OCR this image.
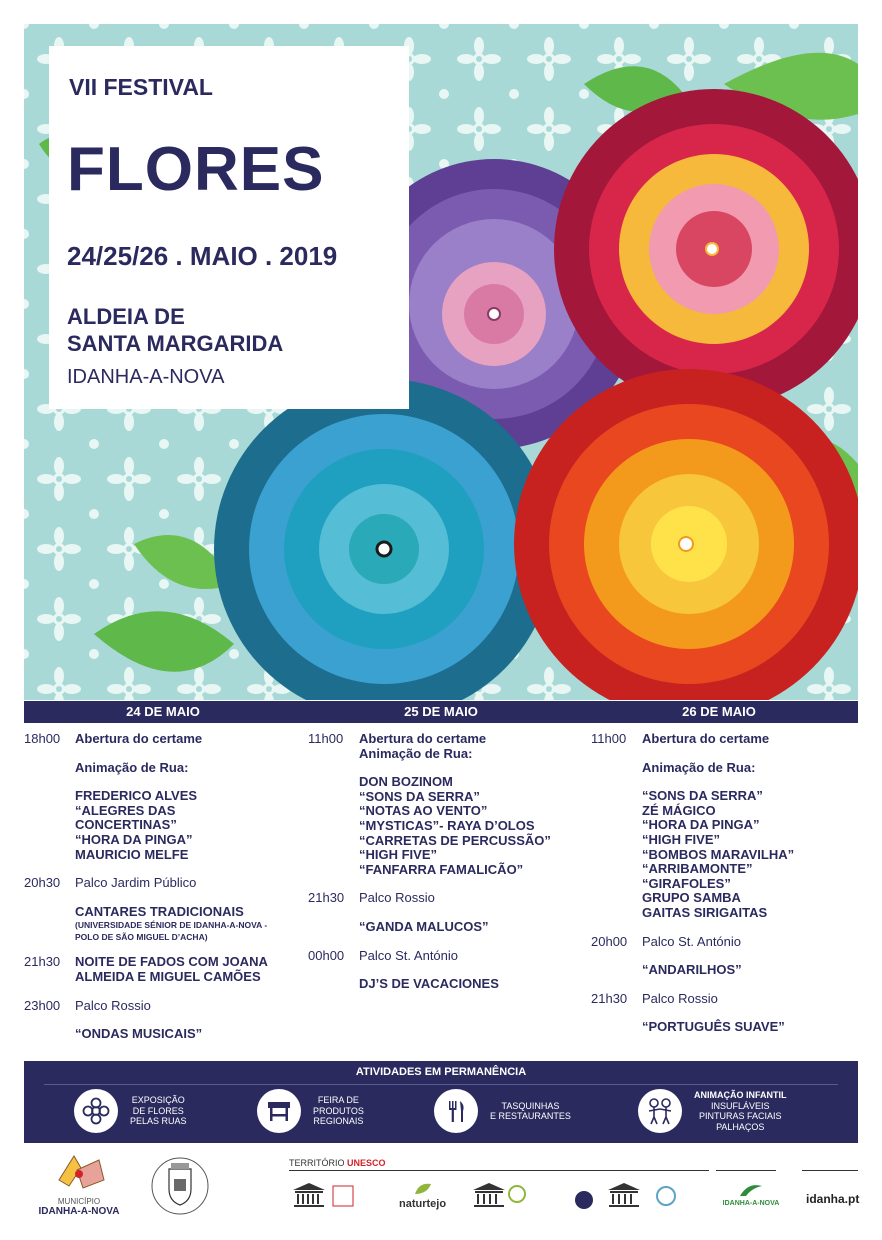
VII FESTIVAL
FLORES
24/25/26 . MAIO . 2019
ALDEIA DE
SANTA MARGARIDA
IDANHA-A-NOVA
24 DE MAIO	25 DE MAIO	26 DE MAIO
18h00	Abertura do certame
Animação de Rua:
FREDERICO ALVES
“ALEGRES DAS
CONCERTINAS”
“HORA DA PINGA”
MAURICIO MELFE
20h30	Palco Jardim Público
CANTARES TRADICIONAIS
(UNIVERSIDADE SÉNIOR DE IDANHA-A-NOVA -
POLO DE SÃO MIGUEL D’ACHA)
21h30	NOITE DE FADOS COM JOANA
ALMEIDA E MIGUEL CAMÕES
23h00	Palco Rossio
“ONDAS MUSICAIS”
11h00	Abertura do certame
Animação de Rua:
DON BOZINOM
“SONS DA SERRA”
“NOTAS AO VENTO”
“MYSTICAS”- RAYA D’OLOS
“CARRETAS DE PERCUSSÃO”
“HIGH FIVE”
“FANFARRA FAMALICÃO”
21h30	Palco Rossio
“GANDA MALUCOS”
00h00	Palco St. António
DJ’S DE VACACIONES
11h00	Abertura do certame
Animação de Rua:
“SONS DA SERRA”
ZÉ MÁGICO
“HORA DA PINGA”
“HIGH FIVE”
“BOMBOS MARAVILHA”
“ARRIBAMONTE”
“GIRAFOLES”
GRUPO SAMBA
GAITAS SIRIGAITAS
20h00	Palco St. António
“ANDARILHOS”
21h30	Palco Rossio
“PORTUGUÊS SUAVE”
ATIVIDADES EM PERMANÊNCIA
EXPOSIÇÃO
DE FLORES
PELAS RUAS
FEIRA DE
PRODUTOS
REGIONAIS
TASQUINHAS
E RESTAURANTES
ANIMAÇÃO INFANTIL
INSUFLÁVEIS
PINTURAS FACIAIS
PALHAÇOS
MUNICÍPIO
IDANHA-A-NOVA
TERRITÓRIO UNESCO
naturtejo	IDANHA-A-NOVA	idanha.pt
